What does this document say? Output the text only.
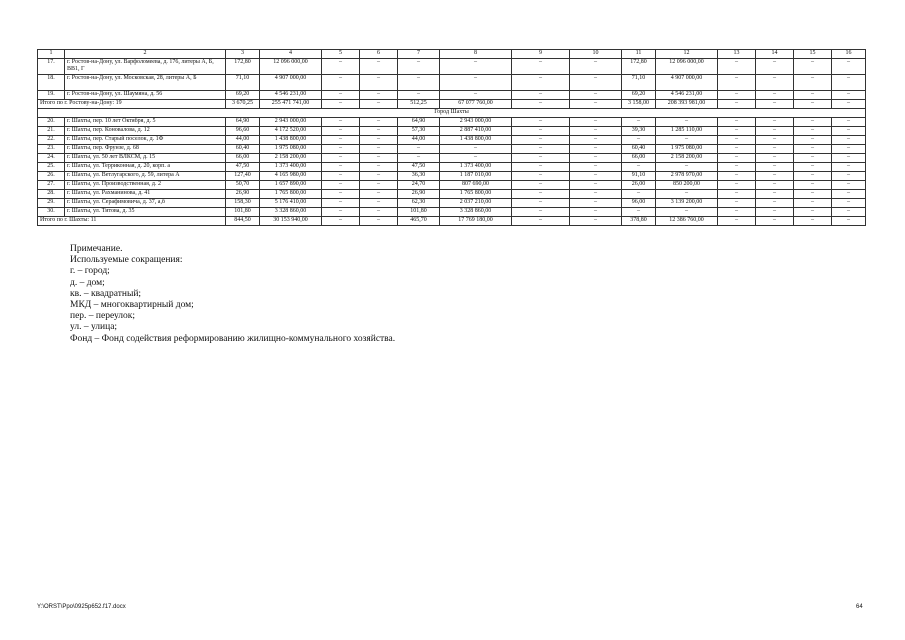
1	2	3	4	5	6	7	8	9	10	11	12	13	14	15	16
17.	г. Ростов-на-Дону, ул. Варфоломеева, д. 176, литеры А, Б, ВВ1, Г	172,80	12 096 000,00	–	–	–	–	–	–	172,80	12 096 000,00	–	–	–	–
18.	г. Ростов-на-Дону, ул. Московская, 28, литеры А, Б	71,10	4 907 000,00	–	–	–	–	–	–	71,10	4 907 000,00	–	–	–	–
19.	г. Ростов-на-Дону, ул. Шаумяна, д. 56	69,20	4 546 231,00	–	–	–	–	–	–	69,20	4 546 231,00	–	–	–	–
Итого по г. Ростову-на-Дону: 19		3 670,25	255 471 741,00	–	–	512,25	67 077 760,00	–	–	3 158,00	208 393 981,00	–	–	–	–
Город Шахты															
20.	г. Шахты, пер. 10 лет Октября, д. 5	64,90	2 943 000,00	–	–	64,90	2 943 000,00	–	–	–	–	–	–	–	–
21.	г. Шахты, пер. Коновалова, д. 12	96,60	4 172 520,00	–	–	57,30	2 887 410,00	–	–	39,30	1 285 110,00	–	–	–	–
22.	г. Шахты, пер. Старый поселок, д. 1Ф	44,00	1 438 800,00	–	–	44,00	1 438 800,00	–	–	–	–	–	–	–	–
23.	г. Шахты, пер. Фрунзе, д. 68	60,40	1 975 080,00	–	–	–	–	–	–	60,40	1 975 080,00	–	–	–	–
24.	г. Шахты, ул. 50 лет ВЛКСМ, д. 15	66,00	2 158 200,00	–	–	–	–	–	–	66,00	2 158 200,00	–	–	–	–
25.	г. Шахты, ул. Терриконная, д. 20, корп. а	47,50	1 373 400,00	–	–	47,50	1 373 400,00	–	–	–	–	–	–	–	–
26.	г. Шахты, ул. Ветлугарского, д. 59, литера А	127,40	4 165 980,00	–	–	36,30	1 187 010,00	–	–	91,10	2 978 970,00	–	–	–	–
27.	г. Шахты, ул. Производственная, д. 2	50,70	1 657 890,00	–	–	24,70	807 690,00	–	–	26,00	850 200,00	–	–	–	–
28.	г. Шахты, ул. Рахманинова, д. 41	26,90	1 765 800,00	–	–	26,90	1 765 800,00	–	–	–	–	–	–	–	–
29.	г. Шахты, ул. Серафимовича, д. 37, а,б	158,30	5 176 410,00	–	–	62,30	2 037 210,00	–	–	96,00	3 139 200,00	–	–	–	–
30.	г. Шахты, ул. Титова, д. 35	101,80	3 328 860,00	–	–	101,80	3 328 860,00	–	–	–	–	–	–	–	–
Итого по г. Шахты: 11		844,50	30 153 940,00	–	–	465,70	17 769 180,00	–	–	378,80	12 386 760,00	–	–	–	–
Примечание.
Используемые сокращения:
г. – город;
д. – дом;
кв. – квадратный;
МКД – многоквартирный дом;
пер. – переулок;
ул. – улица;
Фонд – Фонд содействия реформированию жилищно-коммунального хозяйства.
Y:\ORST\Ppo\0925p652.f17.docx	64
